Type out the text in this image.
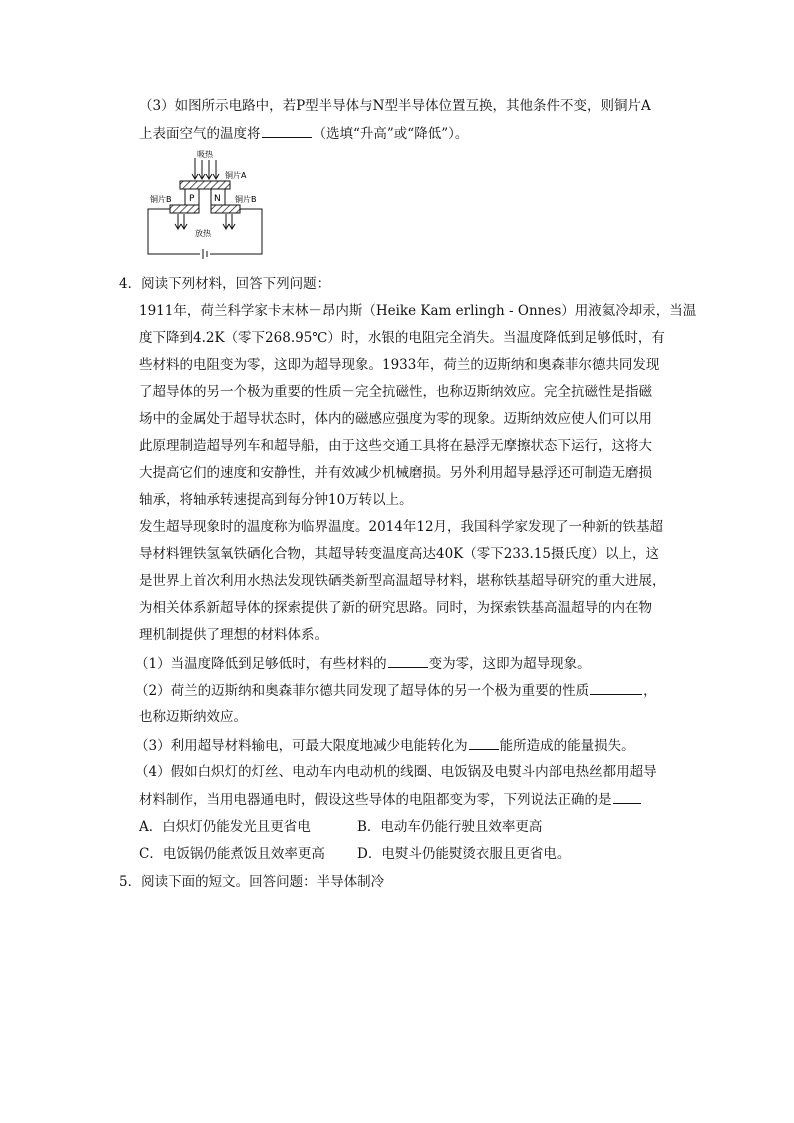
（3）如图所示电路中，若P型半导体与N型半导体位置互换，其他条件不变，则铜片A
上表面空气的温度将	（选填“升高”或“降低”）。
吸热
铜片A
P N
铜片B	铜片B
放热
4．阅读下列材料，回答下列问题：
1911年，荷兰科学家卡末林－昂内斯（Heike Kam erlingh - Onnes）用液氦冷却汞，当温
度下降到4.2K（零下268.95℃）时，水银的电阻完全消失。当温度降低到足够低时，有
些材料的电阻变为零，这即为超导现象。1933年，荷兰的迈斯纳和奥森菲尔德共同发现
了超导体的另一个极为重要的性质－完全抗磁性，也称迈斯纳效应。完全抗磁性是指磁
场中的金属处于超导状态时，体内的磁感应强度为零的现象。迈斯纳效应使人们可以用
此原理制造超导列车和超导船，由于这些交通工具将在悬浮无摩擦状态下运行，这将大
大提高它们的速度和安静性，并有效减少机械磨损。另外利用超导悬浮还可制造无磨损
轴承，将轴承转速提高到每分钟10万转以上。
发生超导现象时的温度称为临界温度。2014年12月，我国科学家发现了一种新的铁基超
导材料锂铁氢氧铁硒化合物，其超导转变温度高达40K（零下233.15摄氏度）以上，这
是世界上首次利用水热法发现铁硒类新型高温超导材料，堪称铁基超导研究的重大进展，
为相关体系新超导体的探索提供了新的研究思路。同时，为探索铁基高温超导的内在物
理机制提供了理想的材料体系。
（1）当温度降低到足够低时，有些材料的	变为零，这即为超导现象。
（2）荷兰的迈斯纳和奥森菲尔德共同发现了超导体的另一个极为重要的性质	，
也称迈斯纳效应。
（3）利用超导材料输电，可最大限度地减少电能转化为 能所造成的能量损失。
（4）假如白炽灯的灯丝、电动车内电动机的线圈、电饭锅及电熨斗内部电热丝都用超导
材料制作，当用电器通电时，假设这些导体的电阻都变为零，下列说法正确的是
A．白炽灯仍能发光且更省电	B．电动车仍能行驶且效率更高
C．电饭锅仍能煮饭且效率更高 D．电熨斗仍能熨烫衣服且更省电。
5．阅读下面的短文。回答问题：半导体制冷
